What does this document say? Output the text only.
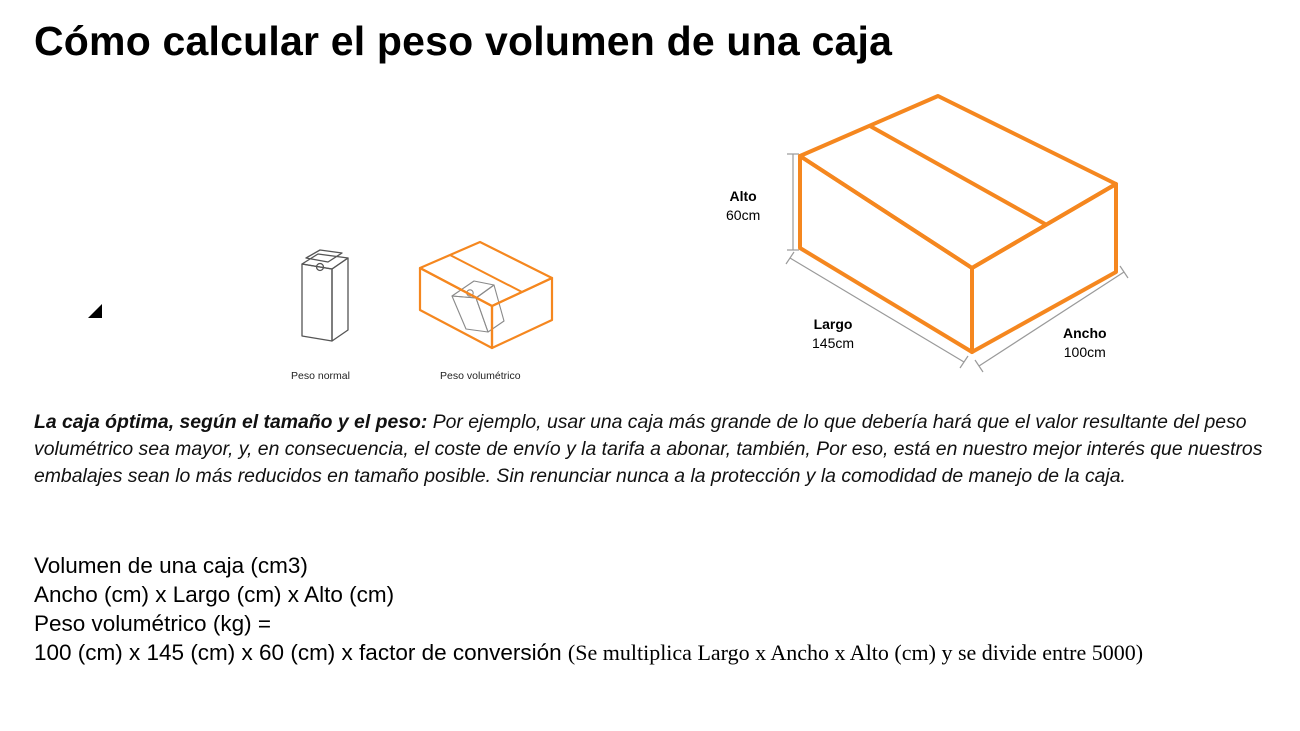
Cómo calcular el peso volumen de una caja
Peso normal	Peso volumétrico
Alto
60cm
Largo
145cm
Ancho
100cm

La caja óptima, según el tamaño y el peso: Por ejemplo, usar una caja más grande de lo que debería hará que el valor resultante del peso volumétrico sea mayor, y, en consecuencia, el coste de envío y la tarifa a abonar, también, Por eso, está en nuestro mejor interés que nuestros embalajes sean lo más reducidos en tamaño posible. Sin renunciar nunca a la protección y la comodidad de manejo de la caja.

Volumen de una caja (cm3)
Ancho (cm) x Largo (cm) x Alto (cm)
Peso volumétrico (kg) =
100 (cm) x 145 (cm) x 60 (cm) x factor de conversión (Se multiplica Largo x Ancho x Alto (cm) y se divide entre 5000)
